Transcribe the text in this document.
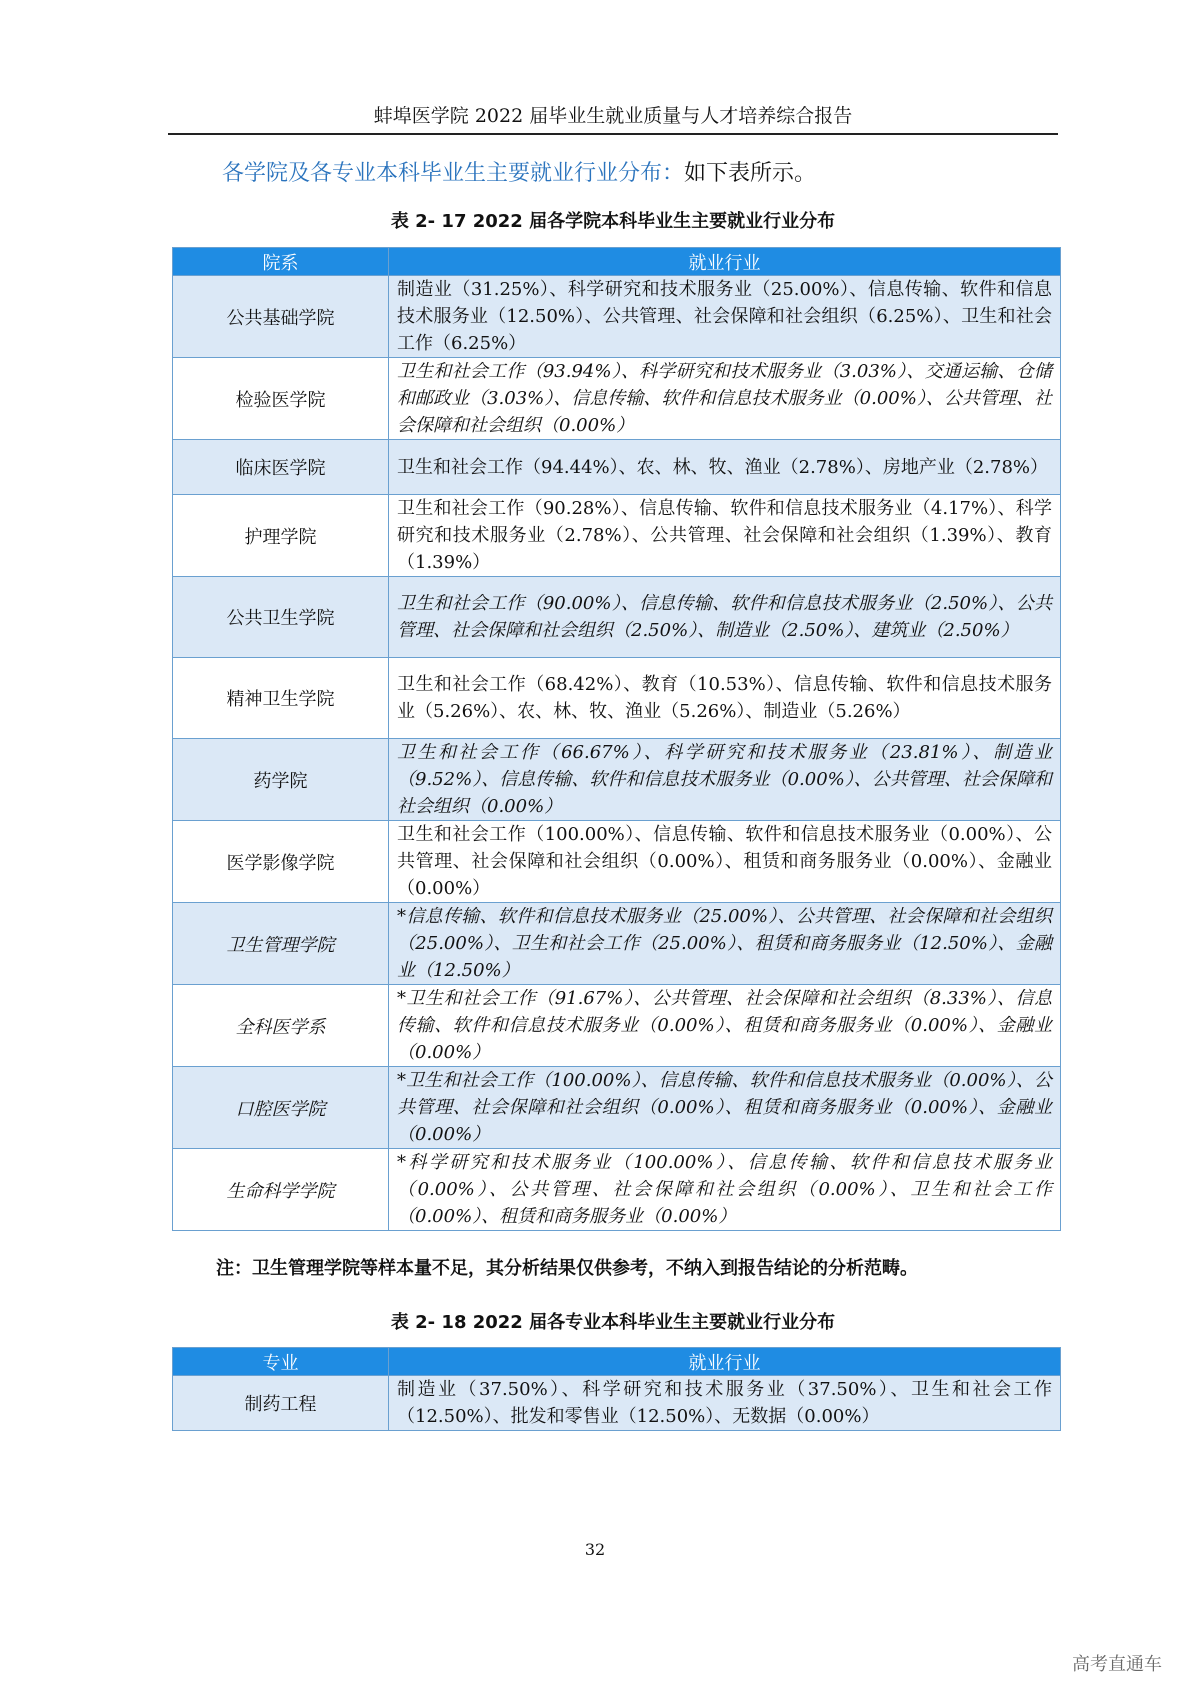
蚌埠医学院 2022 届毕业生就业质量与人才培养综合报告
各学院及各专业本科毕业生主要就业行业分布：如下表所示。
表 2- 17 2022 届各学院本科毕业生主要就业行业分布
院系	就业行业
公共基础学院	制造业（31.25%）、科学研究和技术服务业（25.00%）、信息传输、软件和信息技术服务业（12.50%）、公共管理、社会保障和社会组织（6.25%）、卫生和社会工作（6.25%）
检验医学院	卫生和社会工作（93.94%）、科学研究和技术服务业（3.03%）、交通运输、仓储和邮政业（3.03%）、信息传输、软件和信息技术服务业（0.00%）、公共管理、社会保障和社会组织（0.00%）
临床医学院	卫生和社会工作（94.44%）、农、林、牧、渔业（2.78%）、房地产业（2.78%）
护理学院	卫生和社会工作（90.28%）、信息传输、软件和信息技术服务业（4.17%）、科学研究和技术服务业（2.78%）、公共管理、社会保障和社会组织（1.39%）、教育（1.39%）
公共卫生学院	卫生和社会工作（90.00%）、信息传输、软件和信息技术服务业（2.50%）、公共管理、社会保障和社会组织（2.50%）、制造业（2.50%）、建筑业（2.50%）
精神卫生学院	卫生和社会工作（68.42%）、教育（10.53%）、信息传输、软件和信息技术服务业（5.26%）、农、林、牧、渔业（5.26%）、制造业（5.26%）
药学院	卫生和社会工作（66.67%）、科学研究和技术服务业（23.81%）、制造业（9.52%）、信息传输、软件和信息技术服务业（0.00%）、公共管理、社会保障和社会组织（0.00%）
医学影像学院	卫生和社会工作（100.00%）、信息传输、软件和信息技术服务业（0.00%）、公共管理、社会保障和社会组织（0.00%）、租赁和商务服务业（0.00%）、金融业（0.00%）
卫生管理学院	*信息传输、软件和信息技术服务业（25.00%）、公共管理、社会保障和社会组织（25.00%）、卫生和社会工作（25.00%）、租赁和商务服务业（12.50%）、金融业（12.50%）
全科医学系	*卫生和社会工作（91.67%）、公共管理、社会保障和社会组织（8.33%）、信息传输、软件和信息技术服务业（0.00%）、租赁和商务服务业（0.00%）、金融业（0.00%）
口腔医学院	*卫生和社会工作（100.00%）、信息传输、软件和信息技术服务业（0.00%）、公共管理、社会保障和社会组织（0.00%）、租赁和商务服务业（0.00%）、金融业（0.00%）
生命科学学院	*科学研究和技术服务业（100.00%）、信息传输、软件和信息技术服务业（0.00%）、公共管理、社会保障和社会组织（0.00%）、卫生和社会工作（0.00%）、租赁和商务服务业（0.00%）
注：卫生管理学院等样本量不足，其分析结果仅供参考，不纳入到报告结论的分析范畴。
表 2- 18 2022 届各专业本科毕业生主要就业行业分布
专业	就业行业
制药工程	制造业（37.50%）、科学研究和技术服务业（37.50%）、卫生和社会工作（12.50%）、批发和零售业（12.50%）、无数据（0.00%）
32
高考直通车
